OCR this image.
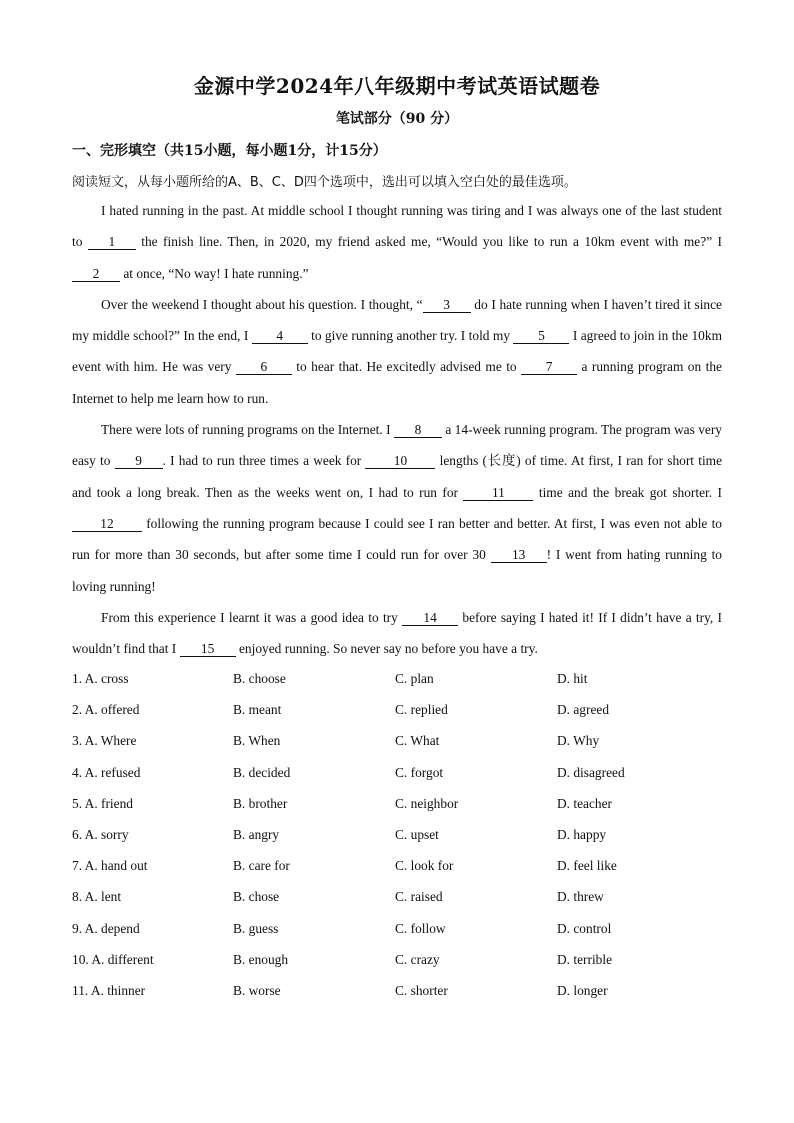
金源中学2024年八年级期中考试英语试题卷
笔试部分（90 分）
一、完形填空（共15小题，每小题1分，计15分）
阅读短文，从每小题所给的A、B、C、D四个选项中，选出可以填入空白处的最佳选项。

I hated running in the past. At middle school I thought running was tiring and I was always one of the last student to 1 the finish line. Then, in 2020, my friend asked me, “Would you like to run a 10km event with me?” I 2 at once, “No way! I hate running.”

Over the weekend I thought about his question. I thought, “ 3 do I hate running when I haven’t tired it since my middle school?” In the end, I 4 to give running another try. I told my 5 I agreed to join in the 10km event with him. He was very 6 to hear that. He excitedly advised me to 7 a running program on the Internet to help me learn how to run.

There were lots of running programs on the Internet. I 8 a 14-week running program. The program was very easy to 9 . I had to run three times a week for 10 lengths (长度) of time. At first, I ran for short time and took a long break. Then as the weeks went on, I had to run for 11 time and the break got shorter. I 12 following the running program because I could see I ran better and better. At first, I was even not able to run for more than 30 seconds, but after some time I could run for over 30 13 ! I went from hating running to loving running!

From this experience I learnt it was a good idea to try 14 before saying I hated it! If I didn’t have a try, I wouldn’t find that I 15 enjoyed running. So never say no before you have a try.

1. A. cross	B. choose	C. plan	D. hit
2. A. offered	B. meant	C. replied	D. agreed
3. A. Where	B. When	C. What	D. Why
4. A. refused	B. decided	C. forgot	D. disagreed
5. A. friend	B. brother	C. neighbor	D. teacher
6. A. sorry	B. angry	C. upset	D. happy
7. A. hand out	B. care for	C. look for	D. feel like
8. A. lent	B. chose	C. raised	D. threw
9. A. depend	B. guess	C. follow	D. control
10. A. different	B. enough	C. crazy	D. terrible
11. A. thinner	B. worse	C. shorter	D. longer
